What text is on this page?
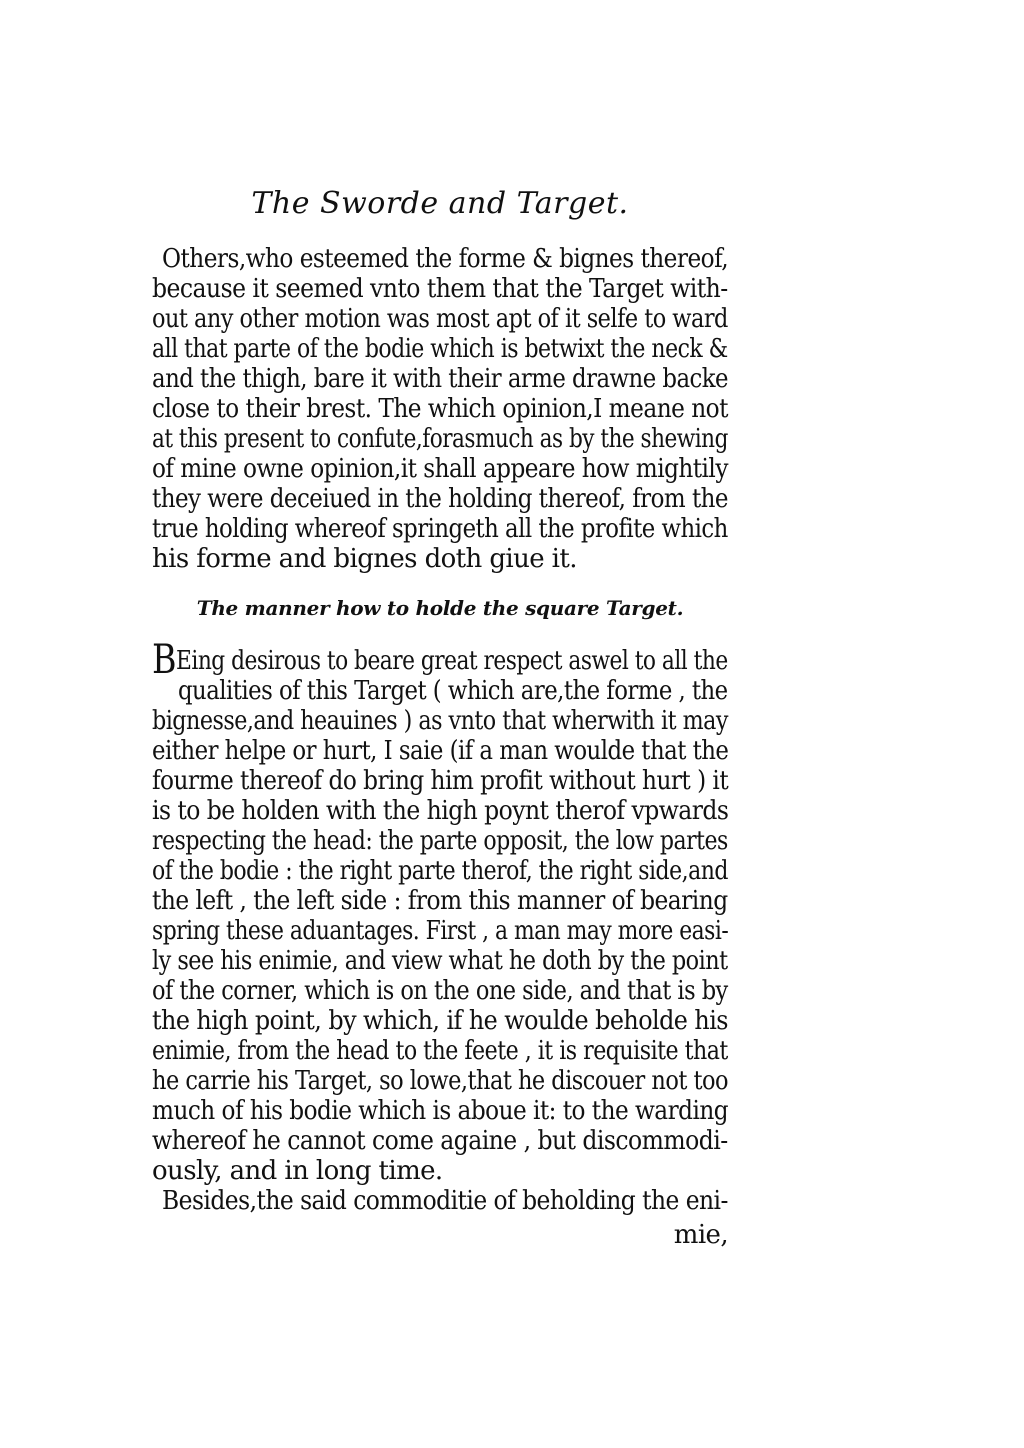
The Sworde and Target.

Others,who esteemed the forme & bignes thereof,

because it seemed vnto them that the Target with-

out any other motion was most apt of it selfe to ward

all that parte of the bodie which is betwixt the neck &

and the thigh, bare it with their arme drawne backe

close to their brest. The which opinion,I meane not

at this present to confute,forasmuch as by the shewing

of mine owne opinion,it shall appeare how mightily

they were deceiued in the holding thereof, from the

true holding whereof springeth all the profite which

his forme and bignes doth giue it.

The manner how to holde the square Target.

BEing desirous to beare great respect aswel to all the

qualities of this Target ( which are,the forme , the

bignesse,and heauines ) as vnto that wherwith it may

either helpe or hurt, I saie (if a man woulde that the

fourme thereof do bring him profit without hurt ) it

is to be holden with the high poynt therof vpwards

respecting the head: the parte opposit, the low partes

of the bodie : the right parte therof, the right side,and

the left , the left side : from this manner of bearing

spring these aduantages. First , a man may more easi-

ly see his enimie, and view what he doth by the point

of the corner, which is on the one side, and that is by

the high point, by which, if he woulde beholde his

enimie, from the head to the feete , it is requisite that

he carrie his Target, so lowe,that he discouer not too

much of his bodie which is aboue it: to the warding

whereof he cannot come againe , but discommodi-

ously, and in long time.

Besides,the said commoditie of beholding the eni-

mie,
